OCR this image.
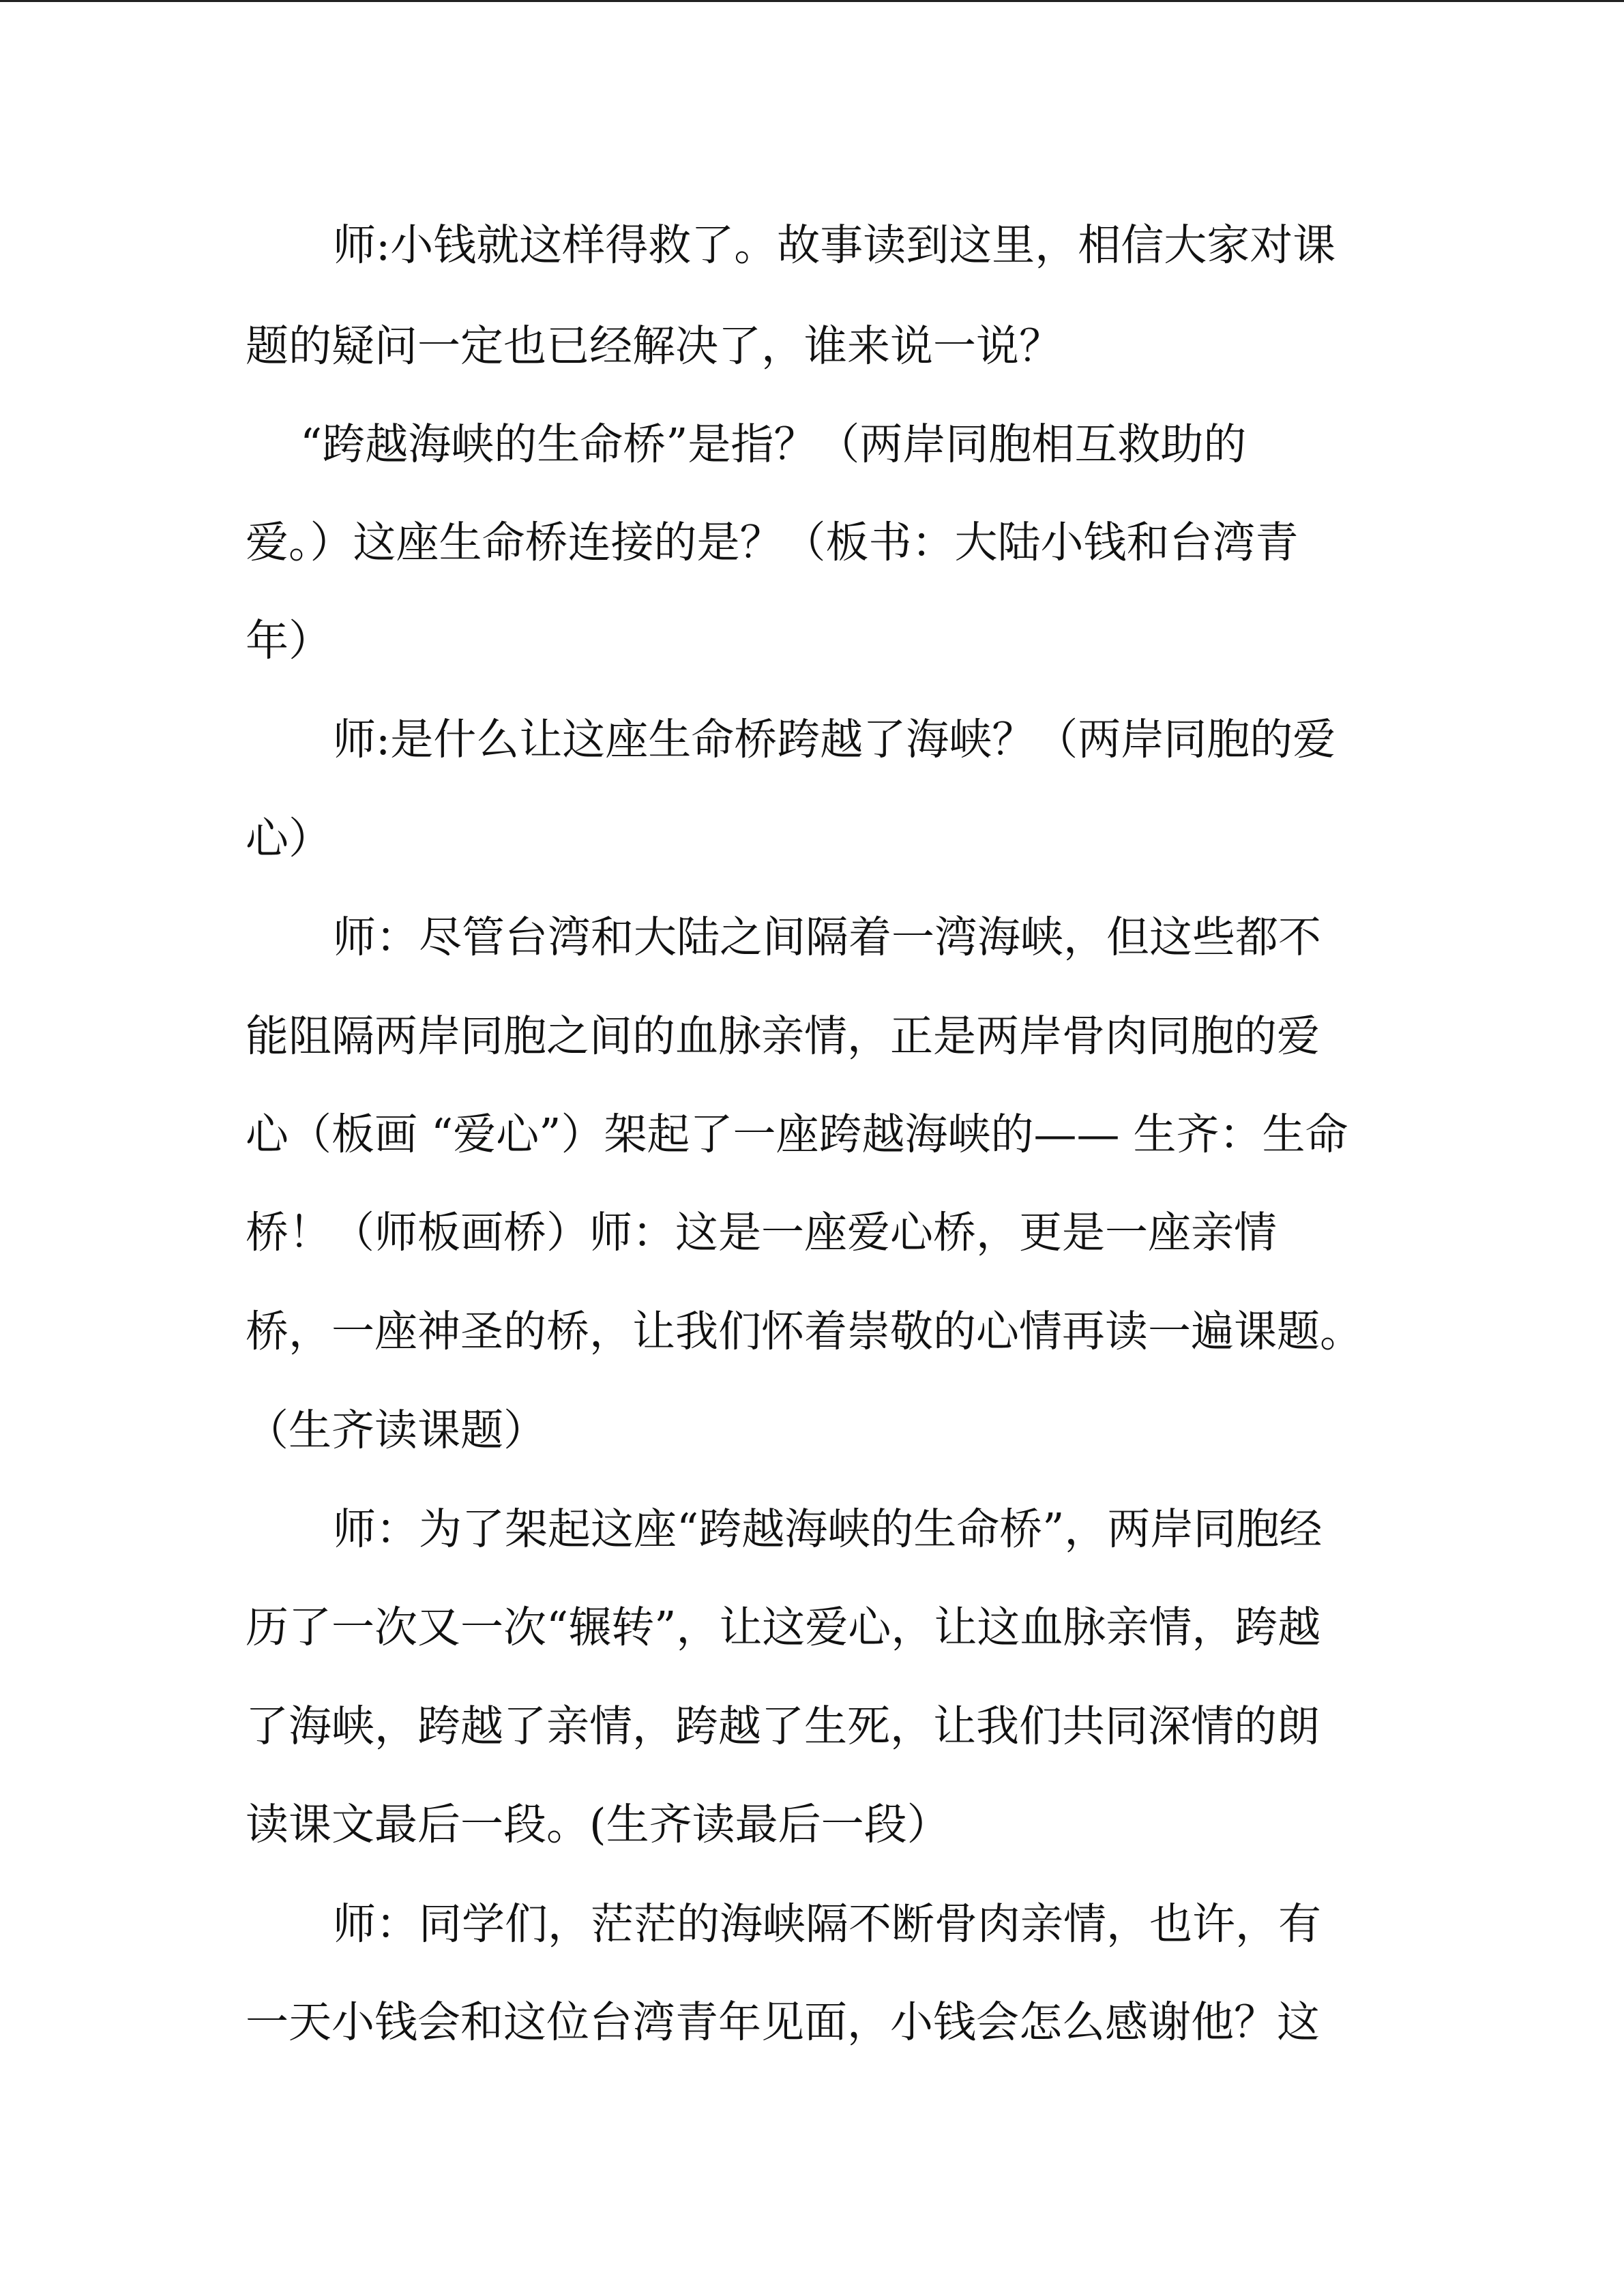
师:小钱就这样得救了。故事读到这里，相信大家对课
题的疑问一定也已经解决了，谁来说一说？
“跨越海峡的生命桥”是指？（两岸同胞相互救助的
爱。）这座生命桥连接的是？（板书：大陆小钱和台湾青
年）
师:是什么让这座生命桥跨越了海峡？（两岸同胞的爱
心）
师：尽管台湾和大陆之间隔着一湾海峡，但这些都不
能阻隔两岸同胞之间的血脉亲情，正是两岸骨肉同胞的爱
心（板画 “爱心”）架起了一座跨越海峡的—— 生齐：生命
桥！（师板画桥）师：这是一座爱心桥，更是一座亲情
桥，一座神圣的桥，让我们怀着崇敬的心情再读一遍课题。
（生齐读课题）
师：为了架起这座“跨越海峡的生命桥”，两岸同胞经
历了一次又一次“辗转”，让这爱心，让这血脉亲情，跨越
了海峡，跨越了亲情，跨越了生死，让我们共同深情的朗
读课文最后一段。(生齐读最后一段）
师：同学们，茫茫的海峡隔不断骨肉亲情，也许，有
一天小钱会和这位台湾青年见面，小钱会怎么感谢他？这
